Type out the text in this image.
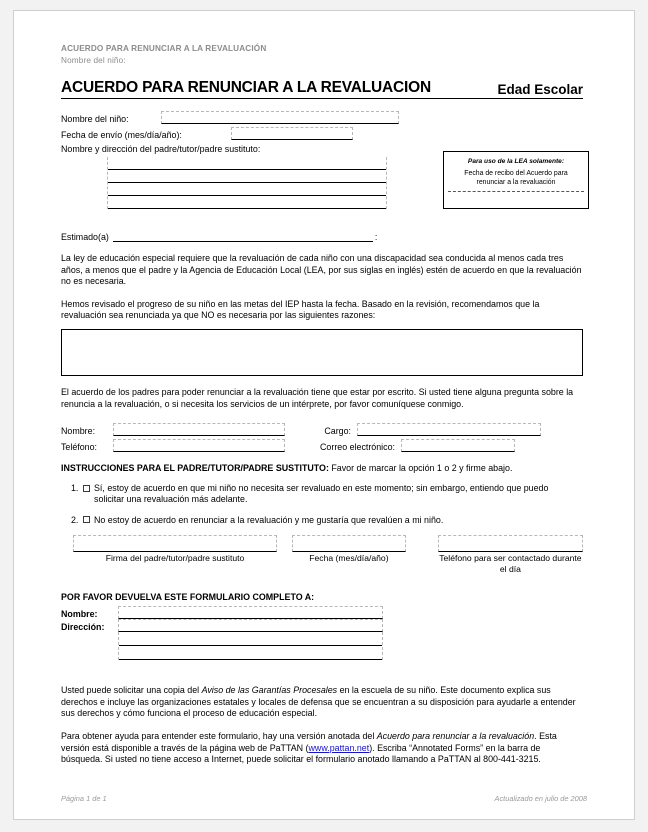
ACUERDO PARA RENUNCIAR A LA REVALUACIÓN
Nombre del niño:
ACUERDO PARA RENUNCIAR A LA REVALUACION	Edad Escolar
Nombre del niño:
Fecha de envío (mes/día/año):
Nombre y dirección del padre/tutor/padre sustituto:
Para uso de la LEA solamente:
Fecha de recibo del Acuerdo para renunciar a la revaluación
Estimado(a)	:
La ley de educación especial requiere que la revaluación de cada niño con una discapacidad sea conducida al menos cada tres años, a menos que el padre y la Agencia de Educación Local (LEA, por sus siglas en inglés) estén de acuerdo en que la revaluación no es necesaria.
Hemos revisado el progreso de su niño en las metas del IEP hasta la fecha. Basado en la revisión, recomendamos que la revaluación sea renunciada ya que NO es necesaria por las siguientes razones:
El acuerdo de los padres para poder renunciar a la revaluación tiene que estar por escrito. Si usted tiene alguna pregunta sobre la renuncia a la revaluación, o si necesita los servicios de un intérprete, por favor comuníquese conmigo.
Nombre:	Cargo:
Teléfono:	Correo electrónico:
INSTRUCCIONES PARA EL PADRE/TUTOR/PADRE SUSTITUTO: Favor de marcar la opción 1 o 2 y firme abajo.
1.	Sí, estoy de acuerdo en que mi niño no necesita ser revaluado en este momento; sin embargo, entiendo que puedo solicitar una revaluación más adelante.
2.	No estoy de acuerdo en renunciar a la revaluación y me gustaría que revalúen a mi niño.
Firma del padre/tutor/padre sustituto	Fecha (mes/día/año)	Teléfono para ser contactado durante el día
POR FAVOR DEVUELVA ESTE FORMULARIO COMPLETO A:
Nombre:
Dirección:
Usted puede solicitar una copia del Aviso de las Garantías Procesales en la escuela de su niño. Este documento explica sus derechos e incluye las organizaciones estatales y locales de defensa que se encuentran a su disposición para ayudarle a entender sus derechos y cómo funciona el proceso de educación especial.
Para obtener ayuda para entender este formulario, hay una versión anotada del Acuerdo para renunciar a la revaluación. Esta versión está disponible a través de la página web de PaTTAN (www.pattan.net). Escriba “Annotated Forms” en la barra de búsqueda. Si usted no tiene acceso a Internet, puede solicitar el formulario anotado llamando a PaTTAN al 800-441-3215.
Página 1 de 1	Actualizado en julio de 2008
